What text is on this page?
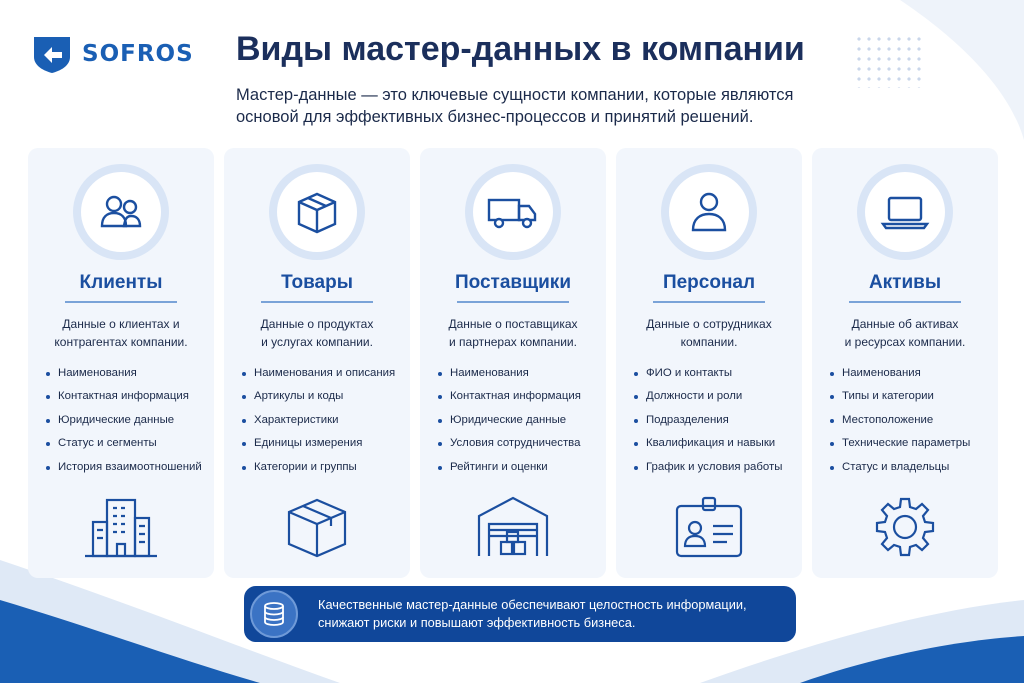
SOFROS Виды мастер-данных в компании

Мастер-данные — это ключевые сущности компании, которые являются основой для эффективных бизнес-процессов и принятий решений.

Клиенты
Данные о клиентах и
контрагентах компании.
Наименования
Контактная информация
Юридические данные
Статус и сегменты
История взаимоотношений
Товары
Данные о продуктах
и услугах компании.
Наименования и описания
Артикулы и коды
Характеристики
Единицы измерения
Категории и группы
Поставщики
Данные о поставщиках
и партнерах компании.
Наименования
Контактная информация
Юридические данные
Условия сотрудничества
Рейтинги и оценки
Персонал
Данные о сотрудниках
компании.
ФИО и контакты
Должности и роли
Подразделения
Квалификация и навыки
График и условия работы
Активы
Данные об активах
и ресурсах компании.
Наименования
Типы и категории
Местоположение
Технические параметры
Статус и владельцы
Качественные мастер-данные обеспечивают целостность информации,
снижают риски и повышают эффективность бизнеса.
